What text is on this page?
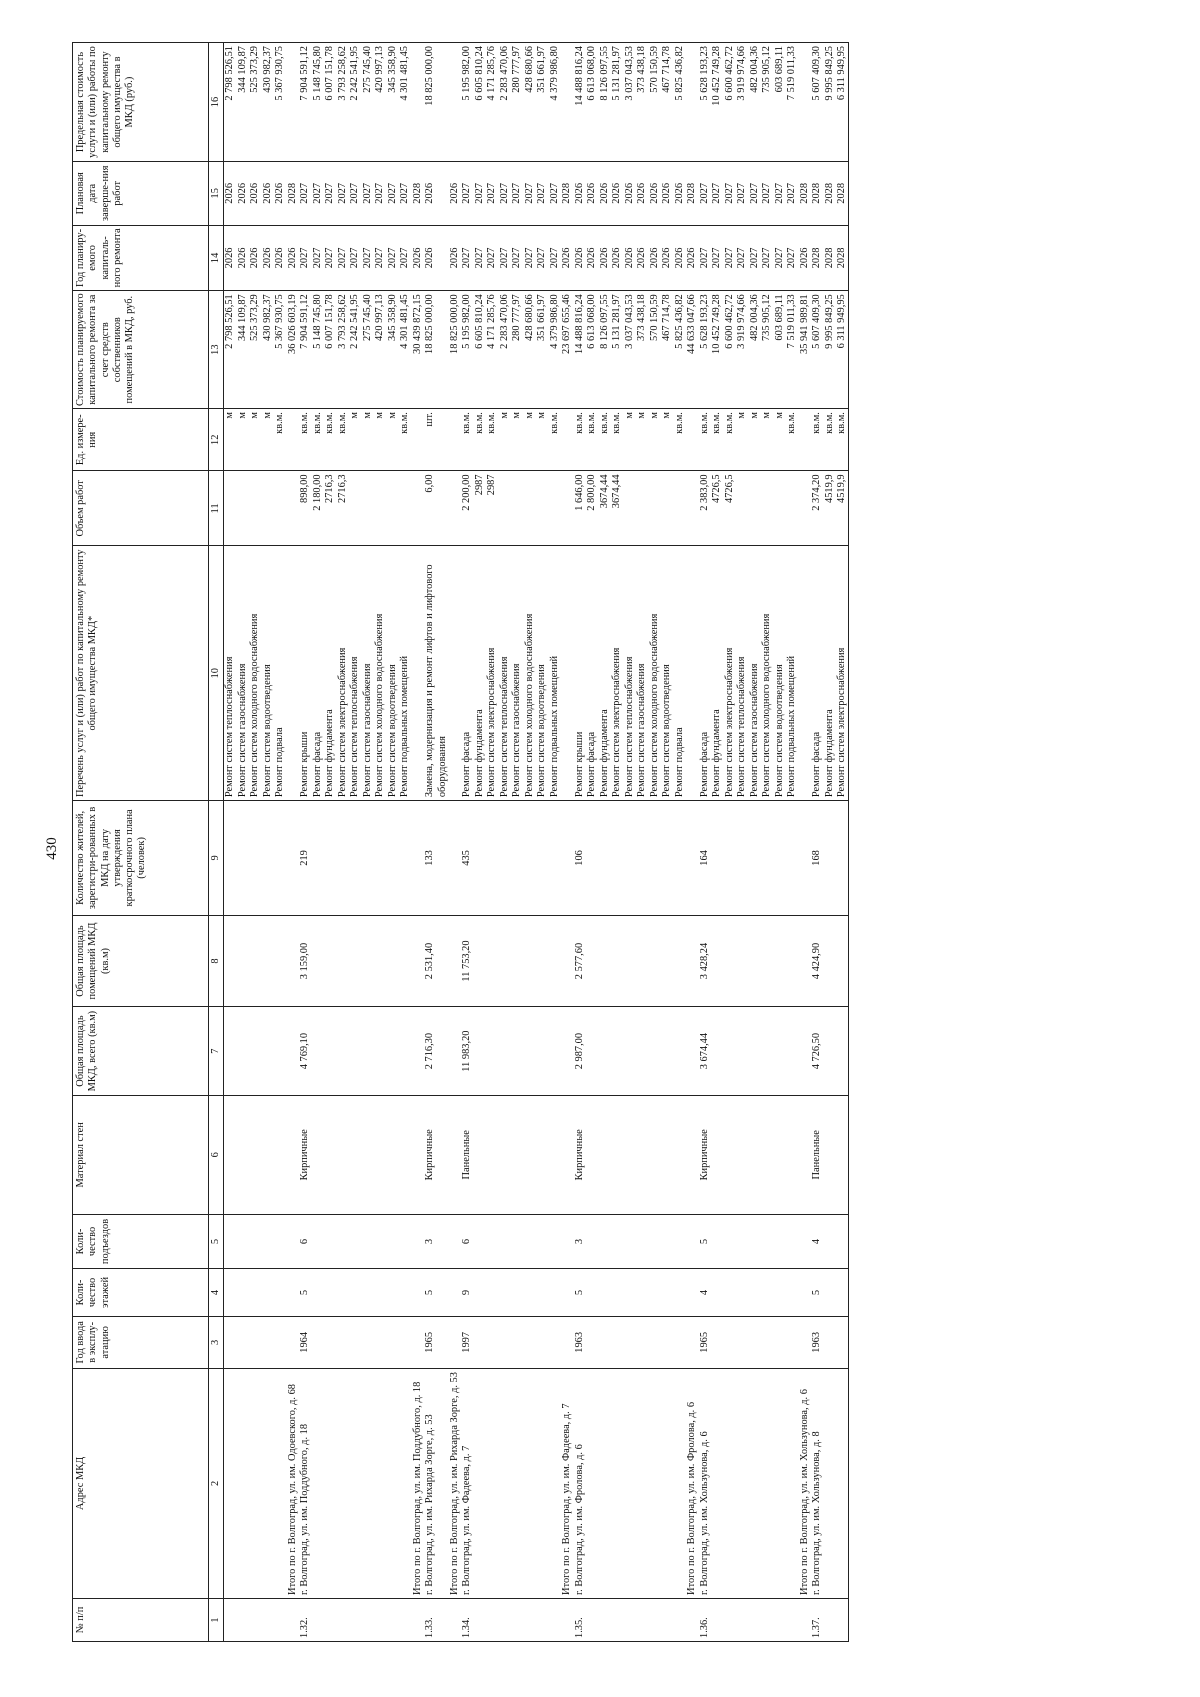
430
№ п/п	Адрес МКД	Год ввода в эксплу-атацию	Коли-чество этажей	Коли-чество подъездов	Материал стен	Общая площадь МКД, всего (кв.м)	Общая площадь помещений МКД (кв.м)	Количество жителей, зарегистри-рованных в МКД на дату утверждения краткосрочного плана (человек)	Перечень услуг и (или) работ по капитальному ремонту общего имущества МКД*	Объем работ	Ед. измере-ния	Стоимость планируемого капитального ремонта за счет средств собственников помещений в МКД, руб.	Год планиру-емого капиталь-ного ремонта	Плановая дата заверше-ния работ	Предельная стоимость услуги и (или) работы по капитальному ремонту общего имущества в МКД (руб.)
1	2	3	4	5	6	7	8	9	10	11	12	13	14	15	16
									Ремонт систем теплоснабжения		м	2 798 526,51	2026	2026	2 798 526,51
									Ремонт систем газоснабжения		м	344 109,87	2026	2026	344 109,87
									Ремонт систем холодного водоснабжения		м	525 373,29	2026	2026	525 373,29
									Ремонт систем водоотведения		м	430 982,37	2026	2026	430 982,37
									Ремонт подвала		кв.м.	5 367 930,75	2026	2026	5 367 930,75
	Итого по г. Волгоград, ул. им. Одоевского, д. 68											36 026 603,19	2026	2028	
1.32.	г. Волгоград, ул. им. Поддубного, д. 18	1964	5	6	Кирпичные	4 769,10	3 159,00	219	Ремонт крыши	898,00	кв.м.	7 904 591,12	2027	2027	7 904 591,12
									Ремонт фасада	2 180,00	кв.м.	5 148 745,80	2027	2027	5 148 745,80
									Ремонт фундамента	2716,3	кв.м.	6 007 151,78	2027	2027	6 007 151,78
									Ремонт систем электроснабжения	2716,3	кв.м.	3 793 258,62	2027	2027	3 793 258,62
									Ремонт систем теплоснабжения		м	2 242 541,95	2027	2027	2 242 541,95
									Ремонт систем газоснабжения		м	275 745,40	2027	2027	275 745,40
									Ремонт систем холодного водоснабжения		м	420 997,13	2027	2027	420 997,13
									Ремонт систем водоотведения		м	345 358,90	2027	2027	345 358,90
									Ремонт подвальных помещений		кв.м.	4 301 481,45	2027	2027	4 301 481,45
	Итого по г. Волгоград, ул. им. Поддубного, д. 18											30 439 872,15	2026	2028	
1.33.	г. Волгоград, ул. им. Рихарда Зорге, д. 53	1965	5	3	Кирпичные	2 716,30	2 531,40	133	Замена, модернизация и ремонт лифтов и лифтового оборудования	6,00	шт.	18 825 000,00	2026	2026	18 825 000,00
	Итого по г. Волгоград, ул. им. Рихарда Зорге, д. 53											18 825 000,00	2026	2026	
1.34.	г. Волгоград, ул. им. Фадеева, д. 7	1997	9	6	Панельные	11 983,20	11 753,20	435	Ремонт фасада	2 200,00	кв.м.	5 195 982,00	2027	2027	5 195 982,00
									Ремонт фундамента	2987	кв.м.	6 605 810,24	2027	2027	6 605 810,24
									Ремонт систем электроснабжения	2987	кв.м.	4 171 285,76	2027	2027	4 171 285,76
									Ремонт систем теплоснабжения		м	2 283 470,06	2027	2027	2 283 470,06
									Ремонт систем газоснабжения		м	280 777,97	2027	2027	280 777,97
									Ремонт систем холодного водоснабжения		м	428 680,66	2027	2027	428 680,66
									Ремонт систем водоотведения		м	351 661,97	2027	2027	351 661,97
									Ремонт подвальных помещений		кв.м.	4 379 986,80	2027	2027	4 379 986,80
	Итого по г. Волгоград, ул. им. Фадеева, д. 7											23 697 655,46	2026	2028	
1.35.	г. Волгоград, ул. им. Фролова, д. 6	1963	5	3	Кирпичные	2 987,00	2 577,60	106	Ремонт крыши	1 646,00	кв.м.	14 488 816,24	2026	2026	14 488 816,24
									Ремонт фасада	2 800,00	кв.м.	6 613 068,00	2026	2026	6 613 068,00
									Ремонт фундамента	3674,44	кв.м.	8 126 097,55	2026	2026	8 126 097,55
									Ремонт систем электроснабжения	3674,44	кв.м.	5 131 281,97	2026	2026	5 131 281,97
									Ремонт систем теплоснабжения		м	3 037 043,53	2026	2026	3 037 043,53
									Ремонт систем газоснабжения		м	373 438,18	2026	2026	373 438,18
									Ремонт систем холодного водоснабжения		м	570 150,59	2026	2026	570 150,59
									Ремонт систем водоотведения		м	467 714,78	2026	2026	467 714,78
									Ремонт подвала		кв.м.	5 825 436,82	2026	2026	5 825 436,82
	Итого по г. Волгоград, ул. им. Фролова, д. 6											44 633 047,66	2026	2028	
1.36.	г. Волгоград, ул. им. Хользунова, д. 6	1965	4	5	Кирпичные	3 674,44	3 428,24	164	Ремонт фасада	2 383,00	кв.м.	5 628 193,23	2027	2027	5 628 193,23
									Ремонт фундамента	4726,5	кв.м.	10 452 749,28	2027	2027	10 452 749,28
									Ремонт систем электроснабжения	4726,5	кв.м.	6 600 462,72	2027	2027	6 600 462,72
									Ремонт систем теплоснабжения		м	3 919 974,66	2027	2027	3 919 974,66
									Ремонт систем газоснабжения		м	482 004,36	2027	2027	482 004,36
									Ремонт систем холодного водоснабжения		м	735 905,12	2027	2027	735 905,12
									Ремонт систем водоотведения		м	603 689,11	2027	2027	603 689,11
									Ремонт подвальных помещений		кв.м.	7 519 011,33	2027	2027	7 519 011,33
	Итого по г. Волгоград, ул. им. Хользунова, д. 6											35 941 989,81	2026	2028	
1.37.	г. Волгоград, ул. им. Хользунова, д. 8	1963	5	4	Панельные	4 726,50	4 424,90	168	Ремонт фасада	2 374,20	кв.м.	5 607 409,30	2028	2028	5 607 409,30
									Ремонт фундамента	4519,9	кв.м.	9 995 849,25	2028	2028	9 995 849,25
									Ремонт систем электроснабжения	4519,9	кв.м.	6 311 949,95	2028	2028	6 311 949,95
